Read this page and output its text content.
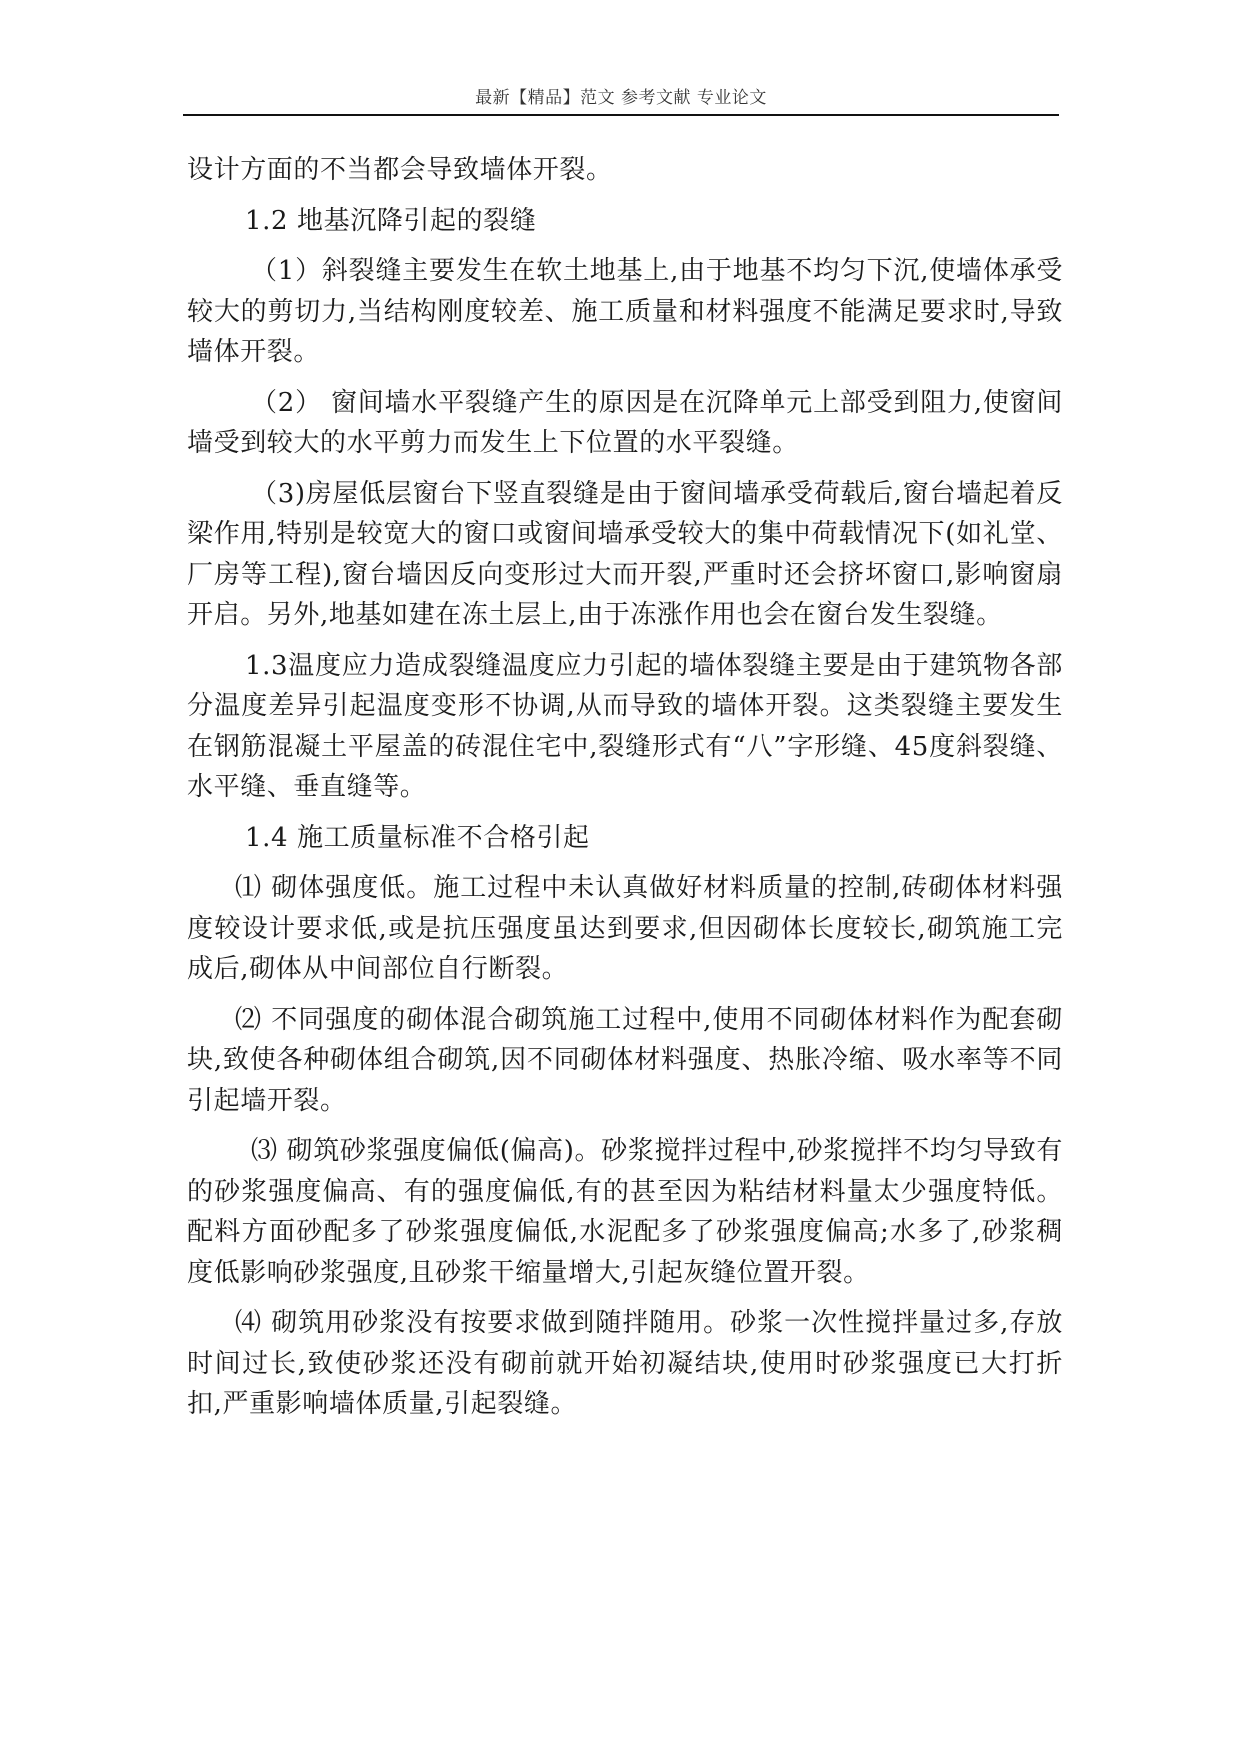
最新【精品】范文 参考文献 专业论文

设计方面的不当都会导致墙体开裂。

1.2 地基沉降引起的裂缝

（1）斜裂缝主要发生在软土地基上,由于地基不均匀下沉,使墙体承受较大的剪切力,当结构刚度较差、施工质量和材料强度不能满足要求时,导致墙体开裂。

（2） 窗间墙水平裂缝产生的原因是在沉降单元上部受到阻力,使窗间墙受到较大的水平剪力而发生上下位置的水平裂缝。

（3)房屋低层窗台下竖直裂缝是由于窗间墙承受荷载后,窗台墙起着反梁作用,特别是较宽大的窗口或窗间墙承受较大的集中荷载情况下(如礼堂、厂房等工程),窗台墙因反向变形过大而开裂,严重时还会挤坏窗口,影响窗扇开启。另外,地基如建在冻土层上,由于冻涨作用也会在窗台发生裂缝。

1.3温度应力造成裂缝温度应力引起的墙体裂缝主要是由于建筑物各部分温度差异引起温度变形不协调,从而导致的墙体开裂。这类裂缝主要发生在钢筋混凝土平屋盖的砖混住宅中,裂缝形式有“八”字形缝、45度斜裂缝、水平缝、垂直缝等。

1.4 施工质量标准不合格引起

⑴ 砌体强度低。施工过程中未认真做好材料质量的控制,砖砌体材料强度较设计要求低,或是抗压强度虽达到要求,但因砌体长度较长,砌筑施工完成后,砌体从中间部位自行断裂。

⑵ 不同强度的砌体混合砌筑施工过程中,使用不同砌体材料作为配套砌块,致使各种砌体组合砌筑,因不同砌体材料强度、热胀冷缩、吸水率等不同引起墙开裂。

⑶ 砌筑砂浆强度偏低(偏高)。砂浆搅拌过程中,砂浆搅拌不均匀导致有的砂浆强度偏高、有的强度偏低,有的甚至因为粘结材料量太少强度特低。配料方面砂配多了砂浆强度偏低,水泥配多了砂浆强度偏高;水多了,砂浆稠度低影响砂浆强度,且砂浆干缩量增大,引起灰缝位置开裂。

⑷ 砌筑用砂浆没有按要求做到随拌随用。砂浆一次性搅拌量过多,存放时间过长,致使砂浆还没有砌前就开始初凝结块,使用时砂浆强度已大打折扣,严重影响墙体质量,引起裂缝。
